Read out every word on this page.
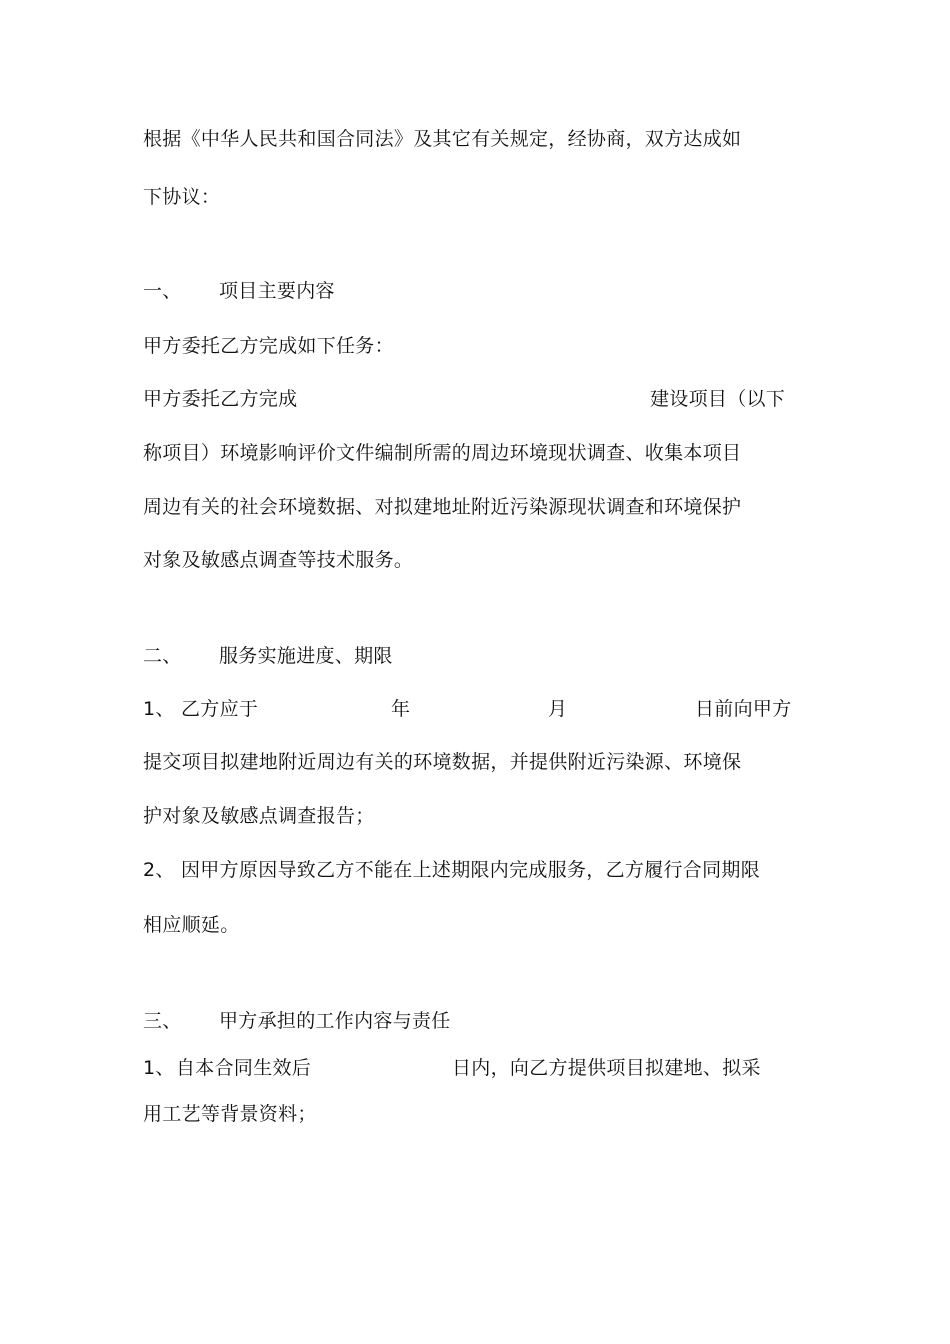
根据《中华人民共和国合同法》及其它有关规定，经协商，双方达成如
下协议：
一、 项目主要内容
甲方委托乙方完成如下任务：
甲方委托乙方完成	建设项目（以下
称项目）环境影响评价文件编制所需的周边环境现状调查、收集本项目
周边有关的社会环境数据、对拟建地址附近污染源现状调查和环境保护
对象及敏感点调查等技术服务。
二、 服务实施进度、期限
1、 乙方应于	年	月	日前向甲方
提交项目拟建地附近周边有关的环境数据，并提供附近污染源、环境保
护对象及敏感点调查报告；
2、 因甲方原因导致乙方不能在上述期限内完成服务，乙方履行合同期限
相应顺延。
三、 甲方承担的工作内容与责任
1、 自本合同生效后	日内，向乙方提供项目拟建地、拟采
用工艺等背景资料；
